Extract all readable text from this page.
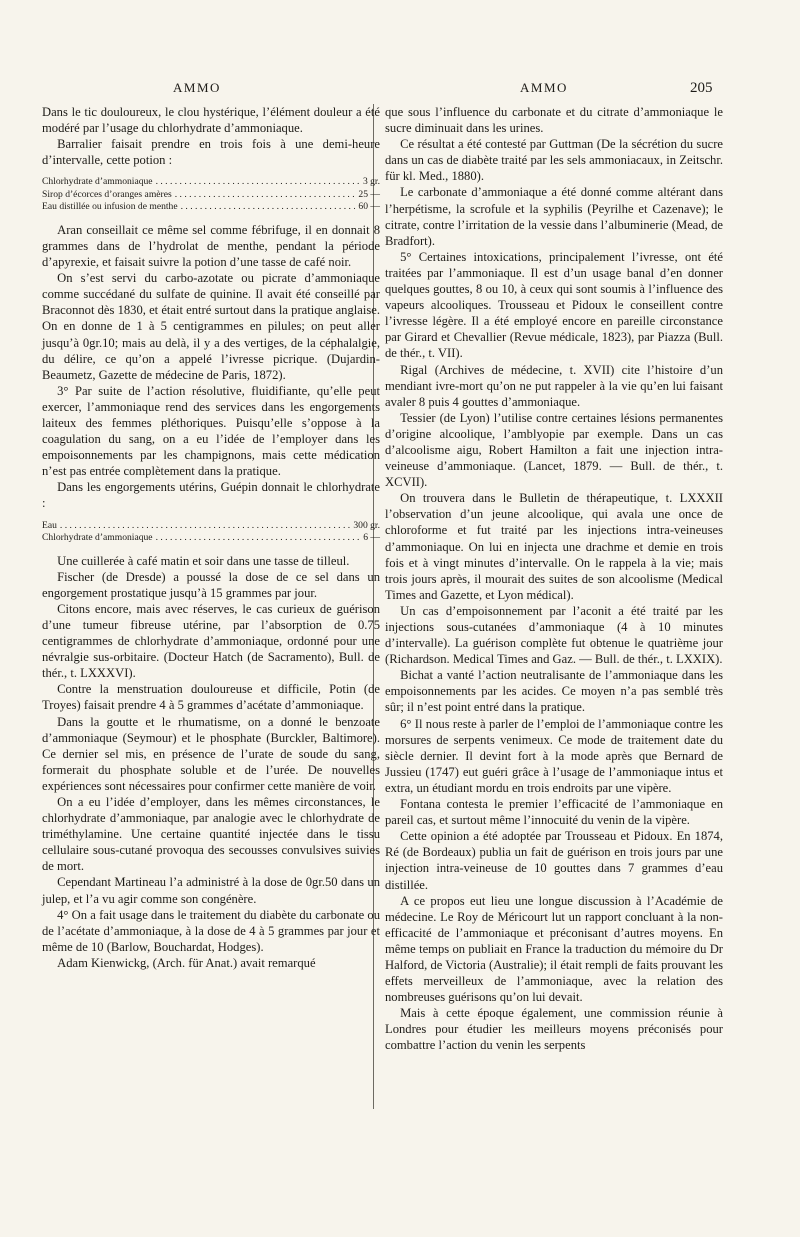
AMMO	AMMO	205

Dans le tic douloureux, le clou hystérique, l’élément douleur a été modéré par l’usage du chlorhydrate d’ammoniaque.

Barralier faisait prendre en trois fois à une demi-heure d’intervalle, cette potion :

Chlorhydrate d’ammoniaque . . .	3 gr.
Sirop d’écorces d’oranges amères . . .	25 —
Eau distillée ou infusion de menthe . . .	60 —

Aran conseillait ce même sel comme fébrifuge, il en donnait 8 grammes dans de l’hydrolat de menthe, pendant la période d’apyrexie, et faisait suivre la potion d’une tasse de café noir.

On s’est servi du carbo-azotate ou picrate d’ammoniaque comme succédané du sulfate de quinine. Il avait été conseillé par Braconnot dès 1830, et était entré surtout dans la pratique anglaise. On en donne de 1 à 5 centigrammes en pilules; on peut aller jusqu’à 0gr.10; mais au delà, il y a des vertiges, de la céphalalgie, du délire, ce qu’on a appelé l’ivresse picrique. (Dujardin-Beaumetz, Gazette de médecine de Paris, 1872).

3° Par suite de l’action résolutive, fluidifiante, qu’elle peut exercer, l’ammoniaque rend des services dans les engorgements laiteux des femmes pléthoriques. Puisqu’elle s’oppose à la coagulation du sang, on a eu l’idée de l’employer dans les empoisonnements par les champignons, mais cette médication n’est pas entrée complètement dans la pratique.

Dans les engorgements utérins, Guépin donnait le chlorhydrate :

Eau . . .	300 gr.
Chlorhydrate d’ammoniaque . . .	6 —

Une cuillerée à café matin et soir dans une tasse de tilleul.

Fischer (de Dresde) a poussé la dose de ce sel dans un engorgement prostatique jusqu’à 15 grammes par jour.

Citons encore, mais avec réserves, le cas curieux de guérison d’une tumeur fibreuse utérine, par l’absorption de 0.75 centigrammes de chlorhydrate d’ammoniaque, ordonné pour une névralgie sus-orbitaire. (Docteur Hatch (de Sacramento), Bull. de thér., t. LXXXVI).

Contre la menstruation douloureuse et difficile, Potin (de Troyes) faisait prendre 4 à 5 grammes d’acétate d’ammoniaque.

Dans la goutte et le rhumatisme, on a donné le benzoate d’ammoniaque (Seymour) et le phosphate (Burckler, Baltimore). Ce dernier sel mis, en présence de l’urate de soude du sang, formerait du phosphate soluble et de l’urée. De nouvelles expériences sont nécessaires pour confirmer cette manière de voir.

On a eu l’idée d’employer, dans les mêmes circonstances, le chlorhydrate d’ammoniaque, par analogie avec le chlorhydrate de triméthylamine. Une certaine quantité injectée dans le tissu cellulaire sous-cutané provoqua des secousses convulsives suivies de mort.

Cependant Martineau l’a administré à la dose de 0gr.50 dans un julep, et l’a vu agir comme son congénère.

4° On a fait usage dans le traitement du diabète du carbonate ou de l’acétate d’ammoniaque, à la dose de 4 à 5 grammes par jour et même de 10 (Barlow, Bouchardat, Hodges).

Adam Kienwickg, (Arch. für Anat.) avait remarqué

que sous l’influence du carbonate et du citrate d’ammoniaque le sucre diminuait dans les urines.

Ce résultat a été contesté par Guttman (De la sécrétion du sucre dans un cas de diabète traité par les sels ammoniacaux, in Zeitschr. für kl. Med., 1880).

Le carbonate d’ammoniaque a été donné comme altérant dans l’herpétisme, la scrofule et la syphilis (Peyrilhe et Cazenave); le citrate, contre l’irritation de la vessie dans l’albuminerie (Mead, de Bradfort).

5° Certaines intoxications, principalement l’ivresse, ont été traitées par l’ammoniaque. Il est d’un usage banal d’en donner quelques gouttes, 8 ou 10, à ceux qui sont soumis à l’influence des vapeurs alcooliques. Trousseau et Pidoux le conseillent contre l’ivresse légère. Il a été employé encore en pareille circonstance par Girard et Chevallier (Revue médicale, 1823), par Piazza (Bull. de thér., t. VII).

Rigal (Archives de médecine, t. XVII) cite l’histoire d’un mendiant ivre-mort qu’on ne put rappeler à la vie qu’en lui faisant avaler 8 puis 4 gouttes d’ammoniaque.

Tessier (de Lyon) l’utilise contre certaines lésions permanentes d’origine alcoolique, l’amblyopie par exemple. Dans un cas d’alcoolisme aigu, Robert Hamilton a fait une injection intra-veineuse d’ammoniaque. (Lancet, 1879. — Bull. de thér., t. XCVII).

On trouvera dans le Bulletin de thérapeutique, t. LXXXII l’observation d’un jeune alcoolique, qui avala une once de chloroforme et fut traité par les injections intra-veineuses d’ammoniaque. On lui en injecta une drachme et demie en trois fois et à vingt minutes d’intervalle. On le rappela à la vie; mais trois jours après, il mourait des suites de son alcoolisme (Medical Times and Gazette, et Lyon médical).

Un cas d’empoisonnement par l’aconit a été traité par les injections sous-cutanées d’ammoniaque (4 à 10 minutes d’intervalle). La guérison complète fut obtenue le quatrième jour (Richardson. Medical Times and Gaz. — Bull. de thér., t. LXXIX).

Bichat a vanté l’action neutralisante de l’ammoniaque dans les empoisonnements par les acides. Ce moyen n’a pas semblé très sûr; il n’est point entré dans la pratique.

6° Il nous reste à parler de l’emploi de l’ammoniaque contre les morsures de serpents venimeux. Ce mode de traitement date du siècle dernier. Il devint fort à la mode après que Bernard de Jussieu (1747) eut guéri grâce à l’usage de l’ammoniaque intus et extra, un étudiant mordu en trois endroits par une vipère.

Fontana contesta le premier l’efficacité de l’ammoniaque en pareil cas, et surtout même l’innocuité du venin de la vipère.

Cette opinion a été adoptée par Trousseau et Pidoux. En 1874, Ré (de Bordeaux) publia un fait de guérison en trois jours par une injection intra-veineuse de 10 gouttes dans 7 grammes d’eau distillée.

A ce propos eut lieu une longue discussion à l’Académie de médecine. Le Roy de Méricourt lut un rapport concluant à la non-efficacité de l’ammoniaque et préconisant d’autres moyens. En même temps on publiait en France la traduction du mémoire du Dr Halford, de Victoria (Australie); il était rempli de faits prouvant les effets merveilleux de l’ammoniaque, avec la relation des nombreuses guérisons qu’on lui devait.

Mais à cette époque également, une commission réunie à Londres pour étudier les meilleurs moyens préconisés pour combattre l’action du venin les serpents
